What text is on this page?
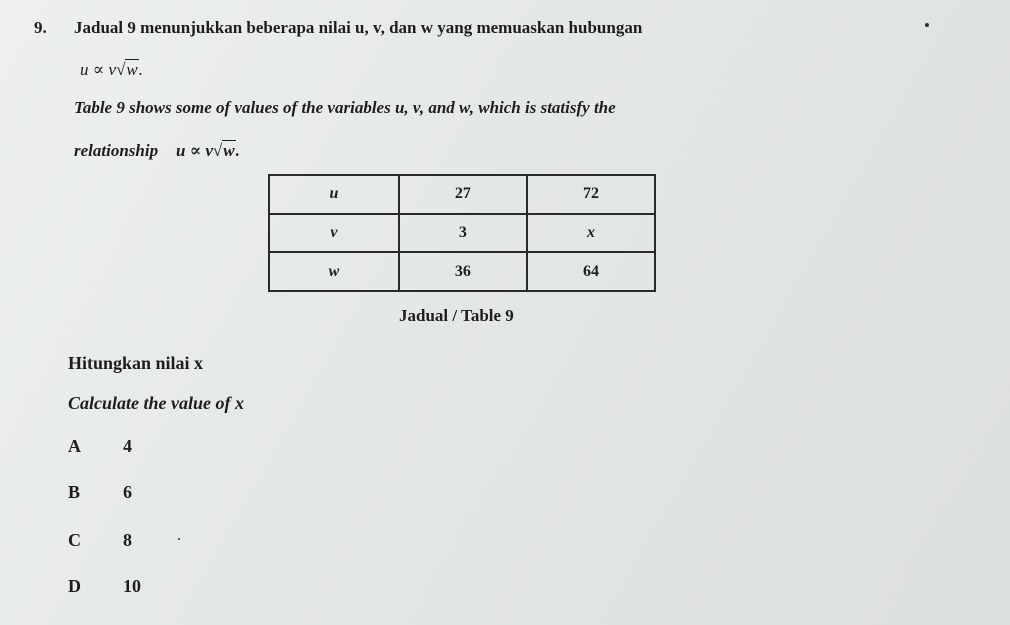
9. Jadual 9 menunjukkan beberapa nilai u, v, dan w yang memuaskan hubungan
u ∝ v√w.
Table 9 shows some of values of the variables u, v, and w, which is statisfy the
relationship u ∝ v√w.
u	27	72
v	3	x
w	36	64
Jadual / Table 9
Hitungkan nilai x
Calculate the value of x
A 4
B 6
C 8
D 10
